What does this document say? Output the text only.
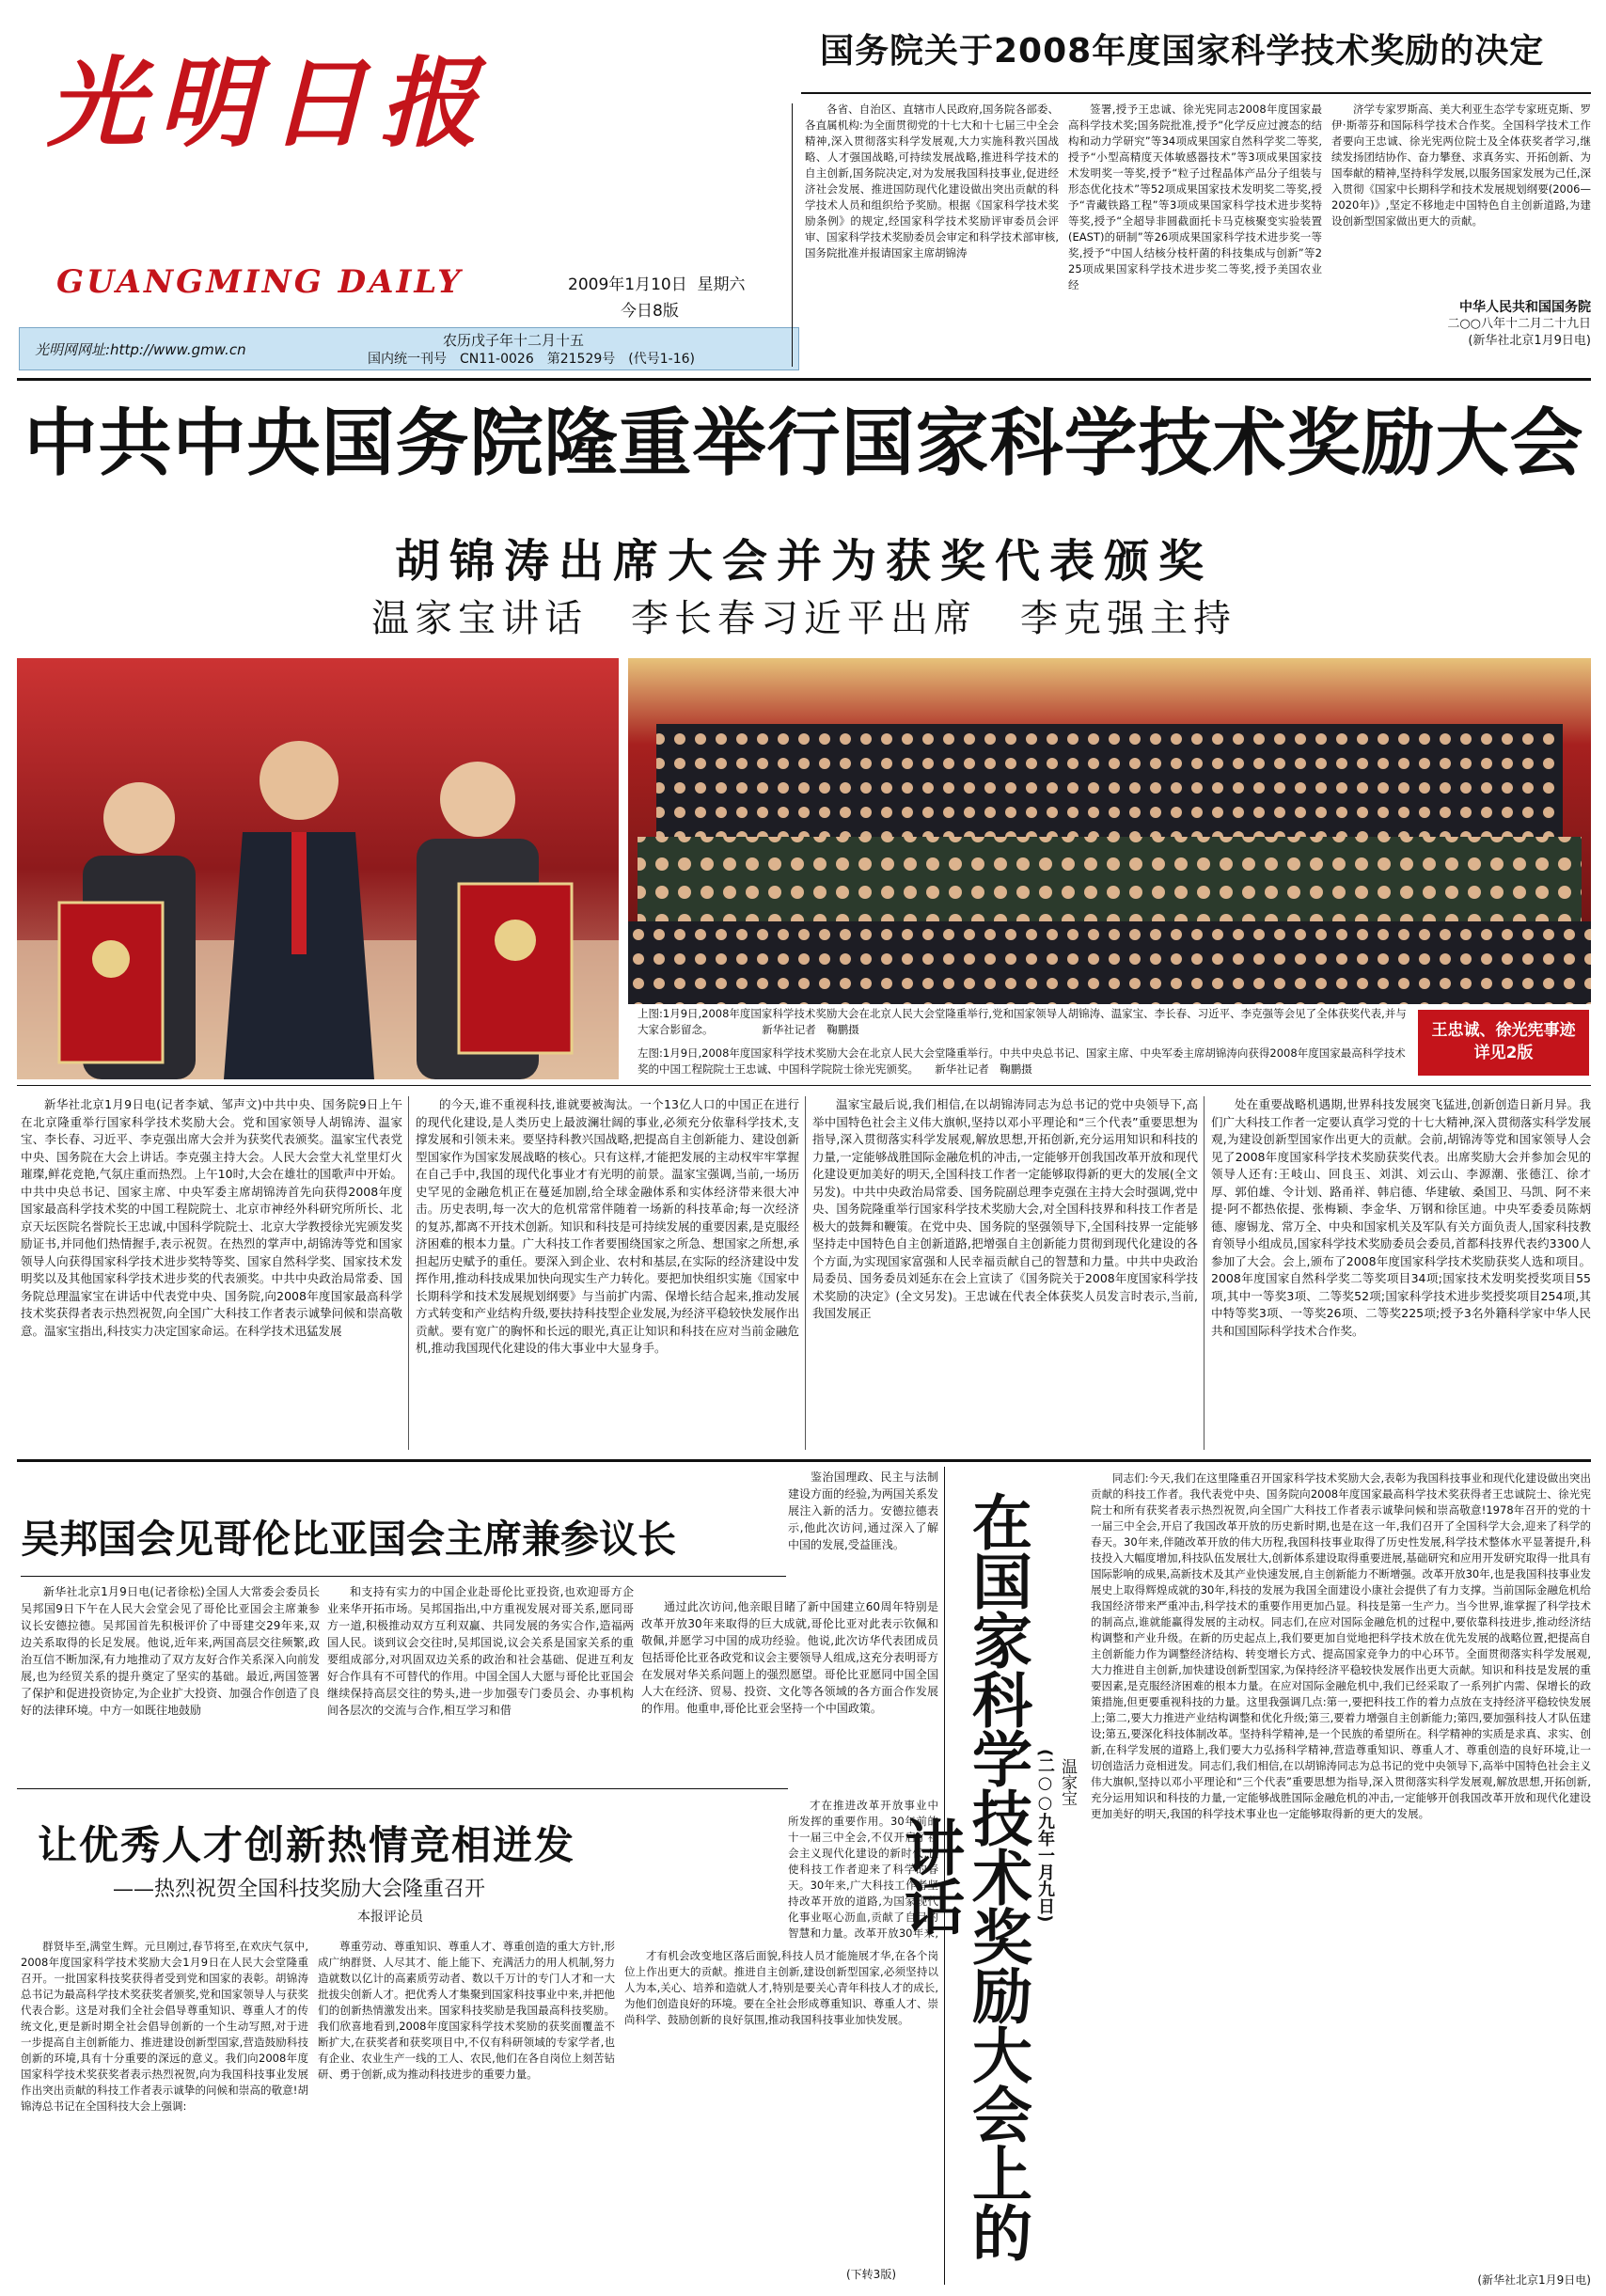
光明日报
GUANGMING DAILY	2009年1月10日 星期六
今日8版
光明网网址:http://www.gmw.cn
农历戊子年十二月十五
国内统一刊号　CN11-0026　第21529号　(代号1-16)
国务院关于2008年度国家科学技术奖励的决定

各省、自治区、直辖市人民政府,国务院各部委、各直属机构:为全面贯彻党的十七大和十七届三中全会精神,深入贯彻落实科学发展观,大力实施科教兴国战略、人才强国战略,可持续发展战略,推进科学技术的自主创新,国务院决定,对为发展我国科技事业,促进经济社会发展、推进国防现代化建设做出突出贡献的科学技术人员和组织给予奖励。根据《国家科学技术奖励条例》的规定,经国家科学技术奖励评审委员会评审、国家科学技术奖励委员会审定和科学技术部审核,国务院批准并报请国家主席胡锦涛

签署,授予王忠诚、徐光宪同志2008年度国家最高科学技术奖;国务院批准,授予“化学反应过渡态的结构和动力学研究”等34项成果国家自然科学奖二等奖,授予“小型高精度天体敏感器技术”等3项成果国家技术发明奖一等奖,授予“粒子过程晶体产品分子组装与形态优化技术”等52项成果国家技术发明奖二等奖,授予“青藏铁路工程”等3项成果国家科学技术进步奖特等奖,授予“全超导非圆截面托卡马克核聚变实验装置(EAST)的研制”等26项成果国家科学技术进步奖一等奖,授予“中国人结核分枝杆菌的科技集成与创新”等225项成果国家科学技术进步奖二等奖,授予美国农业经

济学专家罗斯高、美大利亚生态学专家班克斯、罗伊·斯蒂芬和国际科学技术合作奖。全国科学技术工作者要向王忠诚、徐光宪两位院士及全体获奖者学习,继续发扬团结协作、奋力攀登、求真务实、开拓创新、为国奉献的精神,坚持科学发展,以服务国家发展为己任,深入贯彻《国家中长期科学和技术发展规划纲要(2006—2020年)》,坚定不移地走中国特色自主创新道路,为建设创新型国家做出更大的贡献。

中华人民共和国国务院
二○○八年十二月二十九日
(新华社北京1月9日电)
中共中央国务院隆重举行国家科学技术奖励大会
胡锦涛出席大会并为获奖代表颁奖
温家宝讲话　李长春习近平出席　李克强主持
上图:1月9日,2008年度国家科学技术奖励大会在北京人民大会堂隆重举行,党和国家领导人胡锦涛、温家宝、李长春、习近平、李克强等会见了全体获奖代表,并与大家合影留念。　　　　　新华社记者　鞠鹏摄	王忠诚、徐光宪事迹详见2版
左图:1月9日,2008年度国家科学技术奖励大会在北京人民大会堂隆重举行。中共中央总书记、国家主席、中央军委主席胡锦涛向获得2008年度国家最高科学技术奖的中国工程院院士王忠诚、中国科学院院士徐光宪颁奖。　　新华社记者　鞠鹏摄

新华社北京1月9日电(记者李斌、邹声文)中共中央、国务院9日上午在北京隆重举行国家科学技术奖励大会。党和国家领导人胡锦涛、温家宝、李长春、习近平、李克强出席大会并为获奖代表颁奖。温家宝代表党中央、国务院在大会上讲话。李克强主持大会。人民大会堂大礼堂里灯火璀璨,鲜花竞艳,气氛庄重而热烈。上午10时,大会在雄壮的国歌声中开始。中共中央总书记、国家主席、中央军委主席胡锦涛首先向获得2008年度国家最高科学技术奖的中国工程院院士、北京市神经外科研究所所长、北京天坛医院名誉院长王忠诚,中国科学院院士、北京大学教授徐光宪颁发奖励证书,并同他们热情握手,表示祝贺。在热烈的掌声中,胡锦涛等党和国家领导人向获得国家科学技术进步奖特等奖、国家自然科学奖、国家技术发明奖以及其他国家科学技术进步奖的代表颁奖。中共中央政治局常委、国务院总理温家宝在讲话中代表党中央、国务院,向2008年度国家最高科学技术奖获得者表示热烈祝贺,向全国广大科技工作者表示诚挚问候和崇高敬意。温家宝指出,科技实力决定国家命运。在科学技术迅猛发展

的今天,谁不重视科技,谁就要被淘汰。一个13亿人口的中国正在进行的现代化建设,是人类历史上最波澜壮阔的事业,必须充分依靠科学技术,支撑发展和引领未来。要坚持科教兴国战略,把提高自主创新能力、建设创新型国家作为国家发展战略的核心。只有这样,才能把发展的主动权牢牢掌握在自己手中,我国的现代化事业才有光明的前景。温家宝强调,当前,一场历史罕见的金融危机正在蔓延加剧,给全球金融体系和实体经济带来很大冲击。历史表明,每一次大的危机常常伴随着一场新的科技革命;每一次经济的复苏,都离不开技术创新。知识和科技是可持续发展的重要因素,是克服经济困难的根本力量。广大科技工作者要围绕国家之所急、想国家之所想,承担起历史赋予的重任。要深入到企业、农村和基层,在实际的经济建设中发挥作用,推动科技成果加快向现实生产力转化。要把加快组织实施《国家中长期科学和技术发展规划纲要》与当前扩内需、保增长结合起来,推动发展方式转变和产业结构升级,要扶持科技型企业发展,为经济平稳较快发展作出贡献。要有宽广的胸怀和长远的眼光,真正让知识和科技在应对当前金融危机,推动我国现代化建设的伟大事业中大显身手。

温家宝最后说,我们相信,在以胡锦涛同志为总书记的党中央领导下,高举中国特色社会主义伟大旗帜,坚持以邓小平理论和“三个代表”重要思想为指导,深入贯彻落实科学发展观,解放思想,开拓创新,充分运用知识和科技的力量,一定能够战胜国际金融危机的冲击,一定能够开创我国改革开放和现代化建设更加美好的明天,全国科技工作者一定能够取得新的更大的发展(全文另发)。中共中央政治局常委、国务院副总理李克强在主持大会时强调,党中央、国务院隆重举行国家科学技术奖励大会,对全国科技界和科技工作者是极大的鼓舞和鞭策。在党中央、国务院的坚强领导下,全国科技界一定能够坚持走中国特色自主创新道路,把增强自主创新能力贯彻到现代化建设的各个方面,为实现国家富强和人民幸福贡献自己的智慧和力量。中共中央政治局委员、国务委员刘延东在会上宣读了《国务院关于2008年度国家科学技术奖励的决定》(全文另发)。王忠诚在代表全体获奖人员发言时表示,当前,我国发展正

处在重要战略机遇期,世界科技发展突飞猛进,创新创造日新月异。我们广大科技工作者一定要认真学习党的十七大精神,深入贯彻落实科学发展观,为建设创新型国家作出更大的贡献。会前,胡锦涛等党和国家领导人会见了2008年度国家科学技术奖励获奖代表。出席奖励大会并参加会见的领导人还有:王岐山、回良玉、刘淇、刘云山、李源潮、张德江、徐才厚、郭伯雄、令计划、路甬祥、韩启德、华建敏、桑国卫、马凯、阿不来提·阿不都热依提、张梅颖、李金华、万钢和徐匡迪。中央军委委员陈炳德、廖锡龙、常万全、中央和国家机关及军队有关方面负责人,国家科技教育领导小组成员,国家科学技术奖励委员会委员,首都科技界代表约3300人参加了大会。会上,颁布了2008年度国家科学技术奖励获奖人选和项目。2008年度国家自然科学奖二等奖项目34项;国家技术发明奖授奖项目55项,其中一等奖3项、二等奖52项;国家科学技术进步奖授奖项目254项,其中特等奖3项、一等奖26项、二等奖225项;授予3名外籍科学家中华人民共和国国际科学技术合作奖。

吴邦国会见哥伦比亚国会主席兼参议长

鉴治国理政、民主与法制建设方面的经验,为两国关系发展注入新的活力。安德拉德表示,他此次访问,通过深入了解中国的发展,受益匪浅。

新华社北京1月9日电(记者徐松)全国人大常委会委员长吴邦国9日下午在人民大会堂会见了哥伦比亚国会主席兼参议长安德拉德。吴邦国首先积极评价了中哥建交29年来,双边关系取得的长足发展。他说,近年来,两国高层交往频繁,政治互信不断加深,有力地推动了双方友好合作关系深入向前发展,也为经贸关系的提升奠定了坚实的基础。最近,两国签署了保护和促进投资协定,为企业扩大投资、加强合作创造了良好的法律环境。中方一如既往地鼓励

和支持有实力的中国企业赴哥伦比亚投资,也欢迎哥方企业来华开拓市场。吴邦国指出,中方重视发展对哥关系,愿同哥方一道,积极推动双方互利双赢、共同发展的务实合作,造福两国人民。谈到议会交往时,吴邦国说,议会关系是国家关系的重要组成部分,对巩固双边关系的政治和社会基础、促进互利友好合作具有不可替代的作用。中国全国人大愿与哥伦比亚国会继续保持高层交往的势头,进一步加强专门委员会、办事机构间各层次的交流与合作,相互学习和借

通过此次访问,他亲眼目睹了新中国建立60周年特别是改革开放30年来取得的巨大成就,哥伦比亚对此表示钦佩和敬佩,并愿学习中国的成功经验。他说,此次访华代表团成员包括哥伦比亚各政党和议会主要领导人组成,这充分表明哥方在发展对华关系问题上的强烈愿望。哥伦比亚愿同中国全国人大在经济、贸易、投资、文化等各领域的各方面合作发展的作用。他重申,哥伦比亚会坚持一个中国政策。

让优秀人才创新热情竞相迸发
——热烈祝贺全国科技奖励大会隆重召开
本报评论员

才在推进改革开放事业中所发挥的重要作用。30年前的十一届三中全会,不仅开启了社会主义现代化建设的新时代,也使科技工作者迎来了科学的春天。30年来,广大科技工作者坚持改革开放的道路,为国家现代化事业呕心沥血,贡献了自己的智慧和力量。改革开放30年来,

群贤毕至,满堂生辉。元旦刚过,春节将至,在欢庆气氛中,2008年度国家科学技术奖励大会1月9日在人民大会堂隆重召开。一批国家科技奖获得者受到党和国家的表彰。胡锦涛总书记为最高科学技术奖获奖者颁奖,党和国家领导人与获奖代表合影。这是对我们全社会倡导尊重知识、尊重人才的传统文化,更是新时期全社会倡导创新的一个生动写照,对于进一步提高自主创新能力、推进建设创新型国家,营造鼓励科技创新的环境,具有十分重要的深远的意义。我们向2008年度国家科学技术奖获奖者表示热烈祝贺,向为我国科技事业发展作出突出贡献的科技工作者表示诚挚的问候和崇高的敬意!胡锦涛总书记在全国科技大会上强调:

尊重劳动、尊重知识、尊重人才、尊重创造的重大方针,形成广纳群贤、人尽其才、能上能下、充满活力的用人机制,努力造就数以亿计的高素质劳动者、数以千万计的专门人才和一大批拔尖创新人才。把优秀人才集聚到国家科技事业中来,并把他们的创新热情激发出来。国家科技奖励是我国最高科技奖励。我们欣喜地看到,2008年度国家科学技术奖励的获奖面覆盖不断扩大,在获奖者和获奖项目中,不仅有科研领域的专家学者,也有企业、农业生产一线的工人、农民,他们在各自岗位上刻苦钻研、勇于创新,成为推动科技进步的重要力量。

才有机会改变地区落后面貌,科技人员才能施展才华,在各个岗位上作出更大的贡献。推进自主创新,建设创新型国家,必须坚持以人为本,关心、培养和造就人才,特别是要关心青年科技人才的成长,为他们创造良好的环境。要在全社会形成尊重知识、尊重人才、崇尚科学、鼓励创新的良好氛围,推动我国科技事业加快发展。

(下转3版)
在国家科学技术奖励大会上的讲话
温家宝
(二○○九年一月九日)

同志们:今天,我们在这里隆重召开国家科学技术奖励大会,表彰为我国科技事业和现代化建设做出突出贡献的科技工作者。我代表党中央、国务院向2008年度国家最高科学技术奖获得者王忠诚院士、徐光宪院士和所有获奖者表示热烈祝贺,向全国广大科技工作者表示诚挚问候和崇高敬意!1978年召开的党的十一届三中全会,开启了我国改革开放的历史新时期,也是在这一年,我们召开了全国科学大会,迎来了科学的春天。30年来,伴随改革开放的伟大历程,我国科技事业取得了历史性发展,科学技术整体水平显著提升,科技投入大幅度增加,科技队伍发展壮大,创新体系建设取得重要进展,基础研究和应用开发研究取得一批具有国际影响的成果,高新技术及其产业快速发展,自主创新能力不断增强。改革开放30年,也是我国科技事业发展史上取得辉煌成就的30年,科技的发展为我国全面建设小康社会提供了有力支撑。当前国际金融危机给我国经济带来严重冲击,科学技术的重要作用更加凸显。科技是第一生产力。当今世界,谁掌握了科学技术的制高点,谁就能赢得发展的主动权。同志们,在应对国际金融危机的过程中,要依靠科技进步,推动经济结构调整和产业升级。在新的历史起点上,我们要更加自觉地把科学技术放在优先发展的战略位置,把提高自主创新能力作为调整经济结构、转变增长方式、提高国家竞争力的中心环节。全面贯彻落实科学发展观,大力推进自主创新,加快建设创新型国家,为保持经济平稳较快发展作出更大贡献。知识和科技是发展的重要因素,是克服经济困难的根本力量。在应对国际金融危机中,我们已经采取了一系列扩内需、保增长的政策措施,但更要重视科技的力量。这里我强调几点:第一,要把科技工作的着力点放在支持经济平稳较快发展上;第二,要大力推进产业结构调整和优化升级;第三,要着力增强自主创新能力;第四,要加强科技人才队伍建设;第五,要深化科技体制改革。坚持科学精神,是一个民族的希望所在。科学精神的实质是求真、求实、创新,在科学发展的道路上,我们要大力弘扬科学精神,营造尊重知识、尊重人才、尊重创造的良好环境,让一切创造活力竞相迸发。同志们,我们相信,在以胡锦涛同志为总书记的党中央领导下,高举中国特色社会主义伟大旗帜,坚持以邓小平理论和“三个代表”重要思想为指导,深入贯彻落实科学发展观,解放思想,开拓创新,充分运用知识和科技的力量,一定能够战胜国际金融危机的冲击,一定能够开创我国改革开放和现代化建设更加美好的明天,我国的科学技术事业也一定能够取得新的更大的发展。

(新华社北京1月9日电)
